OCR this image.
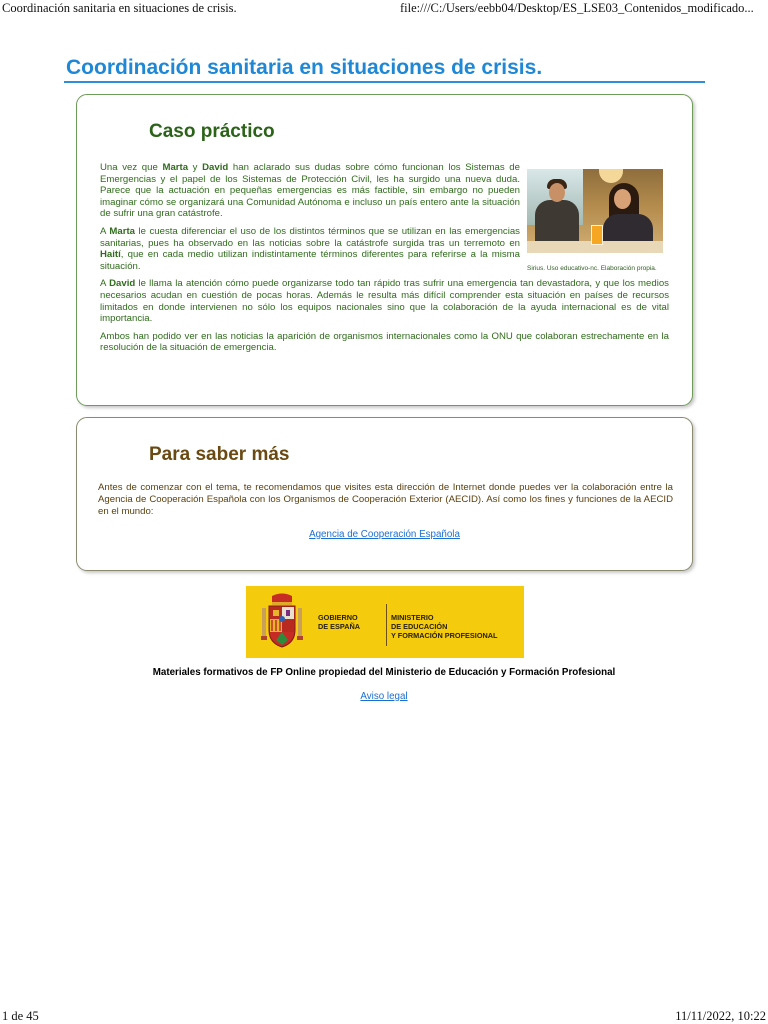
Coordinación sanitaria en situaciones de crisis.	file:///C:/Users/eebb04/Desktop/ES_LSE03_Contenidos_modificado...
Coordinación sanitaria en situaciones de crisis.
Caso práctico

Una vez que Marta y David han aclarado sus dudas sobre cómo funcionan los Sistemas de Emergencias y el papel de los Sistemas de Protección Civil, les ha surgido una nueva duda. Parece que la actuación en pequeñas emergencias es más factible, sin embargo no pueden imaginar cómo se organizará una Comunidad Autónoma e incluso un país entero ante la situación de sufrir una gran catástrofe.

A Marta le cuesta diferenciar el uso de los distintos términos que se utilizan en las emergencias sanitarias, pues ha observado en las noticias sobre la catástrofe surgida tras un terremoto en Haití, que en cada medio utilizan indistintamente términos diferentes para referirse a la misma situación.

A David le llama la atención cómo puede organizarse todo tan rápido tras sufrir una emergencia tan devastadora, y que los medios necesarios acudan en cuestión de pocas horas. Además le resulta más difícil comprender esta situación en países de recursos limitados en donde intervienen no sólo los equipos nacionales sino que la colaboración de la ayuda internacional es de vital importancia.

Ambos han podido ver en las noticias la aparición de organismos internacionales como la ONU que colaboran estrechamente en la resolución de la situación de emergencia.

Sirius. Uso educativo-nc. Elaboración propia.
Para saber más

Antes de comenzar con el tema, te recomendamos que visites esta dirección de Internet donde puedes ver la colaboración entre la Agencia de Cooperación Española con los Organismos de Cooperación Exterior (AECID). Así como los fines y funciones de la AECID en el mundo:

Agencia de Cooperación Española
GOBIERNO
DE ESPAÑA
MINISTERIO
DE EDUCACIÓN
Y FORMACIÓN PROFESIONAL
Materiales formativos de FP Online propiedad del Ministerio de Educación y Formación Profesional
Aviso legal
1 de 45	11/11/2022, 10:22
